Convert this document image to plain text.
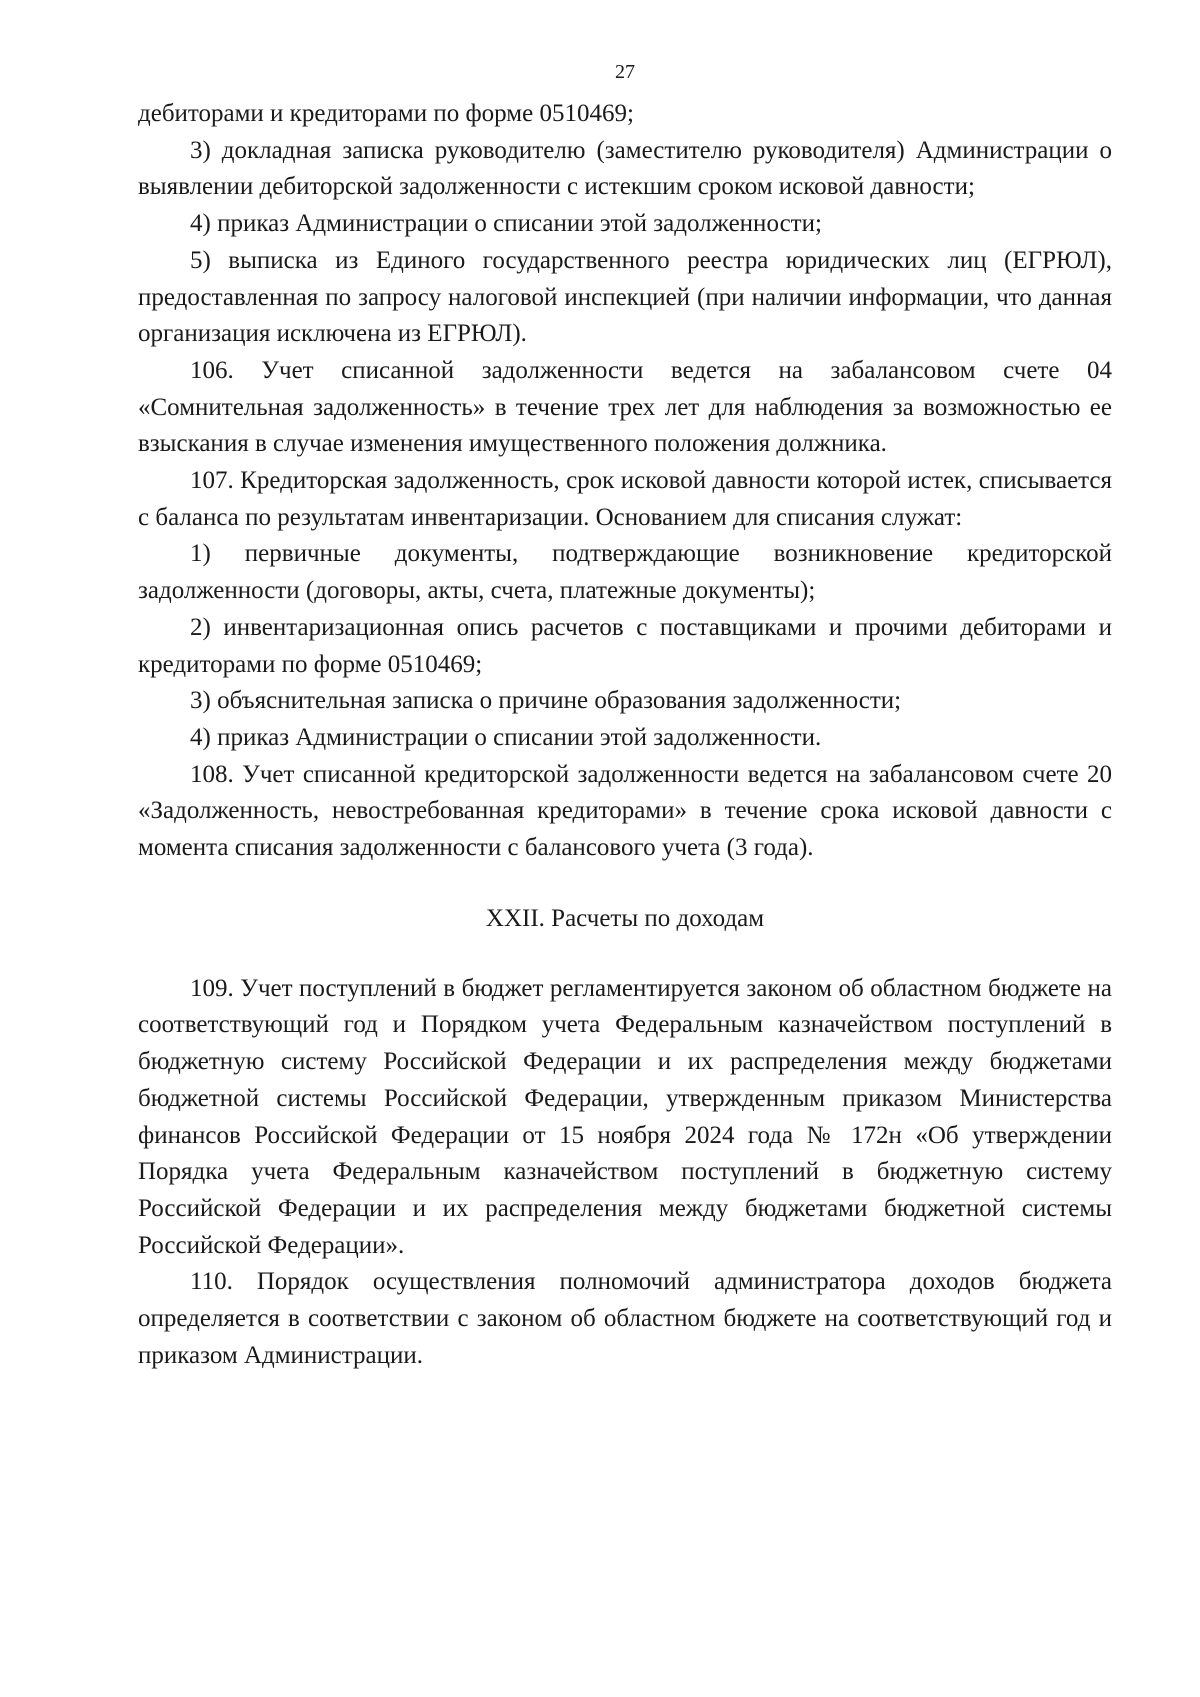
27

дебиторами и кредиторами по форме 0510469;

3) докладная записка руководителю (заместителю руководителя) Администрации о выявлении дебиторской задолженности с истекшим сроком исковой давности;

4) приказ Администрации о списании этой задолженности;

5) выписка из Единого государственного реестра юридических лиц (ЕГРЮЛ), предоставленная по запросу налоговой инспекцией (при наличии информации, что данная организация исключена из ЕГРЮЛ).

106. Учет списанной задолженности ведется на забалансовом счете 04 «Сомнительная задолженность» в течение трех лет для наблюдения за возможностью ее взыскания в случае изменения имущественного положения должника.

107. Кредиторская задолженность, срок исковой давности которой истек, списывается с баланса по результатам инвентаризации. Основанием для списания служат:

1) первичные документы, подтверждающие возникновение кредиторской задолженности (договоры, акты, счета, платежные документы);

2) инвентаризационная опись расчетов с поставщиками и прочими дебиторами и кредиторами по форме 0510469;

3) объяснительная записка о причине образования задолженности;

4) приказ Администрации о списании этой задолженности.

108. Учет списанной кредиторской задолженности ведется на забалансовом счете 20 «Задолженность, невостребованная кредиторами» в течение срока исковой давности с момента списания задолженности с балансового учета (3 года).

XXII. Расчеты по доходам

109. Учет поступлений в бюджет регламентируется законом об областном бюджете на соответствующий год и Порядком учета Федеральным казначейством поступлений в бюджетную систему Российской Федерации и их распределения между бюджетами бюджетной системы Российской Федерации, утвержденным приказом Министерства финансов Российской Федерации от 15 ноября 2024 года № 172н «Об утверждении Порядка учета Федеральным казначейством поступлений в бюджетную систему Российской Федерации и их распределения между бюджетами бюджетной системы Российской Федерации».

110. Порядок осуществления полномочий администратора доходов бюджета определяется в соответствии с законом об областном бюджете на соответствующий год и приказом Администрации.
